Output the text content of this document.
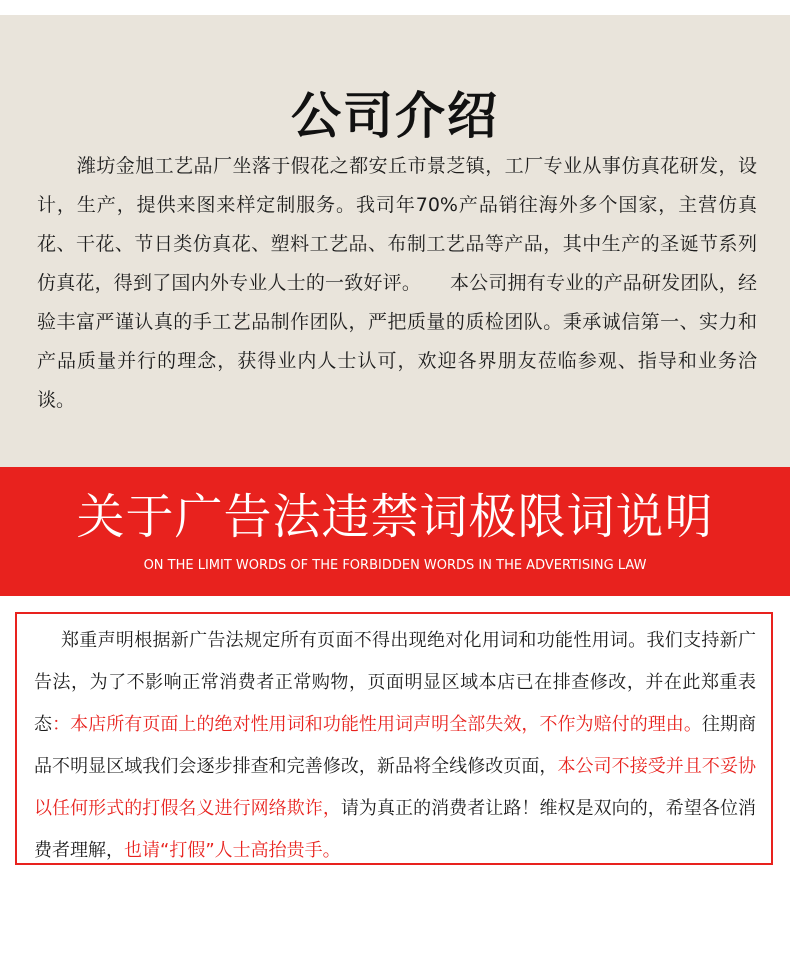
公司介绍

潍坊金旭工艺品厂坐落于假花之都安丘市景芝镇，工厂专业从事仿真花研发，设计，生产，提供来图来样定制服务。我司年70%产品销往海外多个国家，主营仿真花、干花、节日类仿真花、塑料工艺品、布制工艺品等产品，其中生产的圣诞节系列仿真花，得到了国内外专业人士的一致好评。　　本公司拥有专业的产品研发团队，经验丰富严谨认真的手工艺品制作团队，严把质量的质检团队。秉承诚信第一、实力和产品质量并行的理念，获得业内人士认可，欢迎各界朋友莅临参观、指导和业务洽谈。

关于广告法违禁词极限词说明
ON THE LIMIT WORDS OF THE FORBIDDEN WORDS IN THE ADVERTISING LAW

郑重声明根据新广告法规定所有页面不得出现绝对化用词和功能性用词。我们支持新广告法，为了不影响正常消费者正常购物，页面明显区域本店已在排查修改，并在此郑重表态：本店所有页面上的绝对性用词和功能性用词声明全部失效，不作为赔付的理由。往期商品不明显区域我们会逐步排查和完善修改，新品将全线修改页面，本公司不接受并且不妥协以任何形式的打假名义进行网络欺诈，请为真正的消费者让路！维权是双向的，希望各位消费者理解，也请“打假”人士高抬贵手。
